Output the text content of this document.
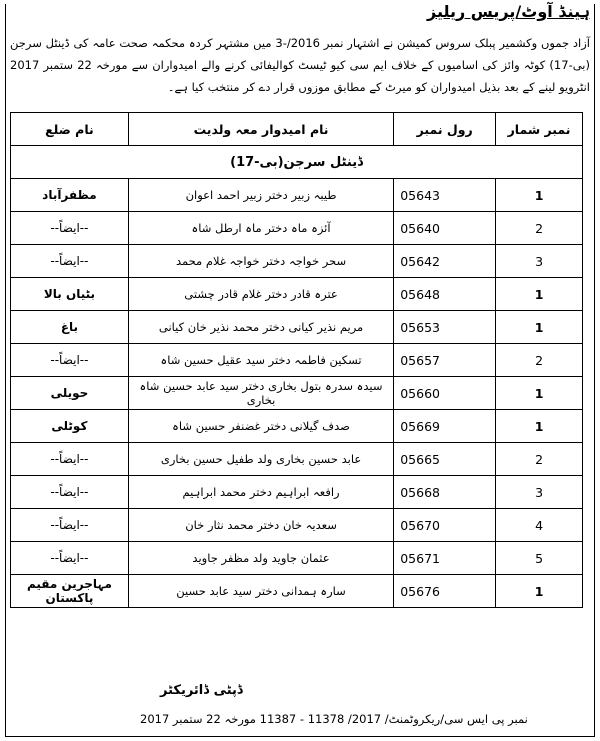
ہینڈ آوٹ/پریس ریلیز
آزاد جموں وکشمیر پبلک سروس کمیشن نے اشتہار نمبر 2016/-3 میں مشتہر کردہ محکمہ صحت عامہ کی ڈینٹل سرجن (بی-17) کوٹہ وائز کی اسامیوں کے خلاف ایم سی کیو ٹیسٹ کوالیفائی کرنے والے امیدواران سے مورخہ 22 ستمبر 2017 انٹرویو لینے کے بعد بذیل امیدواران کو میرٹ کے مطابق موزوں قرار دے کر منتخب کیا ہے۔
نام ضلع	نام امیدوار معہ ولدیت	رول نمبر	نمبر شمار
ڈینٹل سرجن(بی-17)			
مظفرآباد	طیبہ زبیر دختر زبیر احمد اعوان	05643	1
--ایضاً--	آئزہ ماہ دختر ماہ ارطل شاہ	05640	2
--ایضاً--	سحر خواجہ دختر خواجہ غلام محمد	05642	3
بٹیاں بالا	عترہ قادر دختر غلام قادر چشتی	05648	1
باغ	مریم نذیر کیانی دختر محمد نذیر خان کیانی	05653	1
--ایضاً--	تسکین فاطمہ دختر سید عقیل حسین شاہ	05657	2
حویلی	سیدہ سدرہ بتول بخاری دختر سید عابد حسین شاہ بخاری	05660	1
کوٹلی	صدف گیلانی دختر غضنفر حسین شاہ	05669	1
--ایضاً--	عابد حسین بخاری ولد طفیل حسین بخاری	05665	2
--ایضاً--	رافعہ ابراہیم دختر محمد ابراہیم	05668	3
--ایضاً--	سعدیہ خان دختر محمد نثار خان	05670	4
--ایضاً--	عثمان جاوید ولد مظفر جاوید	05671	5
مہاجرین مقیم پاکستان	سارہ ہمدانی دختر سید عابد حسین	05676	1
ڈپٹی ڈائریکٹر
نمبر پی ایس سی/ریکروٹمنٹ/ 2017/ 11378 - 11387 مورخہ 22 ستمبر 2017
